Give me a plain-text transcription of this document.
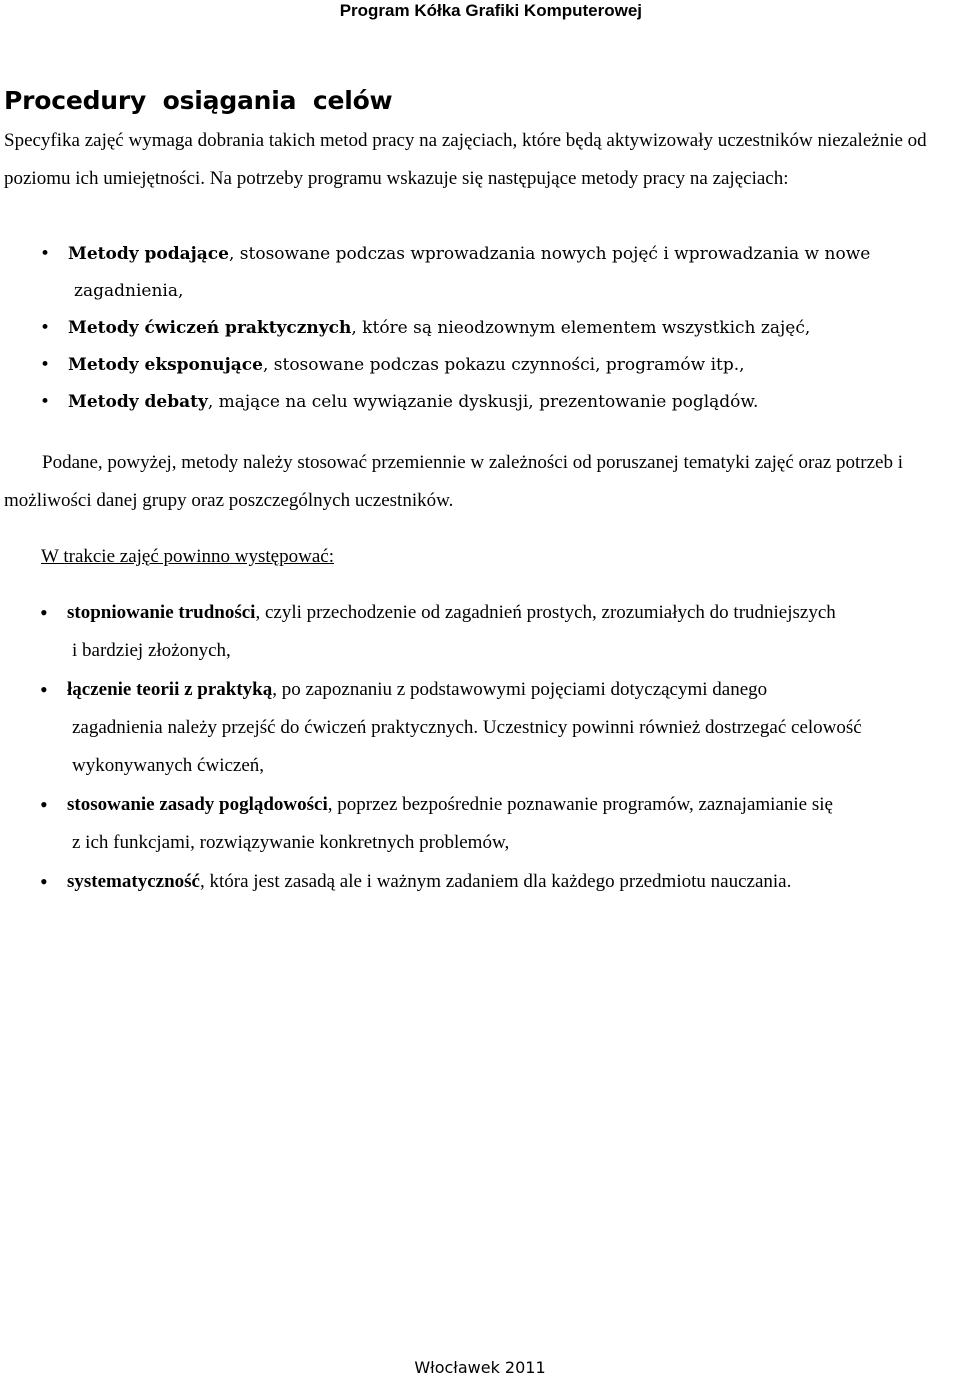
Program Kółka Grafiki Komputerowej
Procedury osiągania celów

Specyfika zajęć wymaga dobrania takich metod pracy na zajęciach, które będą aktywizowały uczestników niezależnie od poziomu ich umiejętności. Na potrzeby programu wskazuje się następujące metody pracy na zajęciach:

• Metody podające, stosowane podczas wprowadzania nowych pojęć i wprowadzania w nowe
zagadnienia,
• Metody ćwiczeń praktycznych, które są nieodzownym elementem wszystkich zajęć,
• Metody eksponujące, stosowane podczas pokazu czynności, programów itp.,
• Metody debaty, mające na celu wywiązanie dyskusji, prezentowanie poglądów.

Podane, powyżej, metody należy stosować przemiennie w zależności od poruszanej tematyki zajęć oraz potrzeb i możliwości danej grupy oraz poszczególnych uczestników.

W trakcie zajęć powinno występować:

• stopniowanie trudności, czyli przechodzenie od zagadnień prostych, zrozumiałych do trudniejszych
i bardziej złożonych,
• łączenie teorii z praktyką, po zapoznaniu z podstawowymi pojęciami dotyczącymi danego
zagadnienia należy przejść do ćwiczeń praktycznych. Uczestnicy powinni również dostrzegać celowość wykonywanych ćwiczeń,
• stosowanie zasady poglądowości, poprzez bezpośrednie poznawanie programów, zaznajamianie się
z ich funkcjami, rozwiązywanie konkretnych problemów,
• systematyczność, która jest zasadą ale i ważnym zadaniem dla każdego przedmiotu nauczania.
Włocławek 2011
